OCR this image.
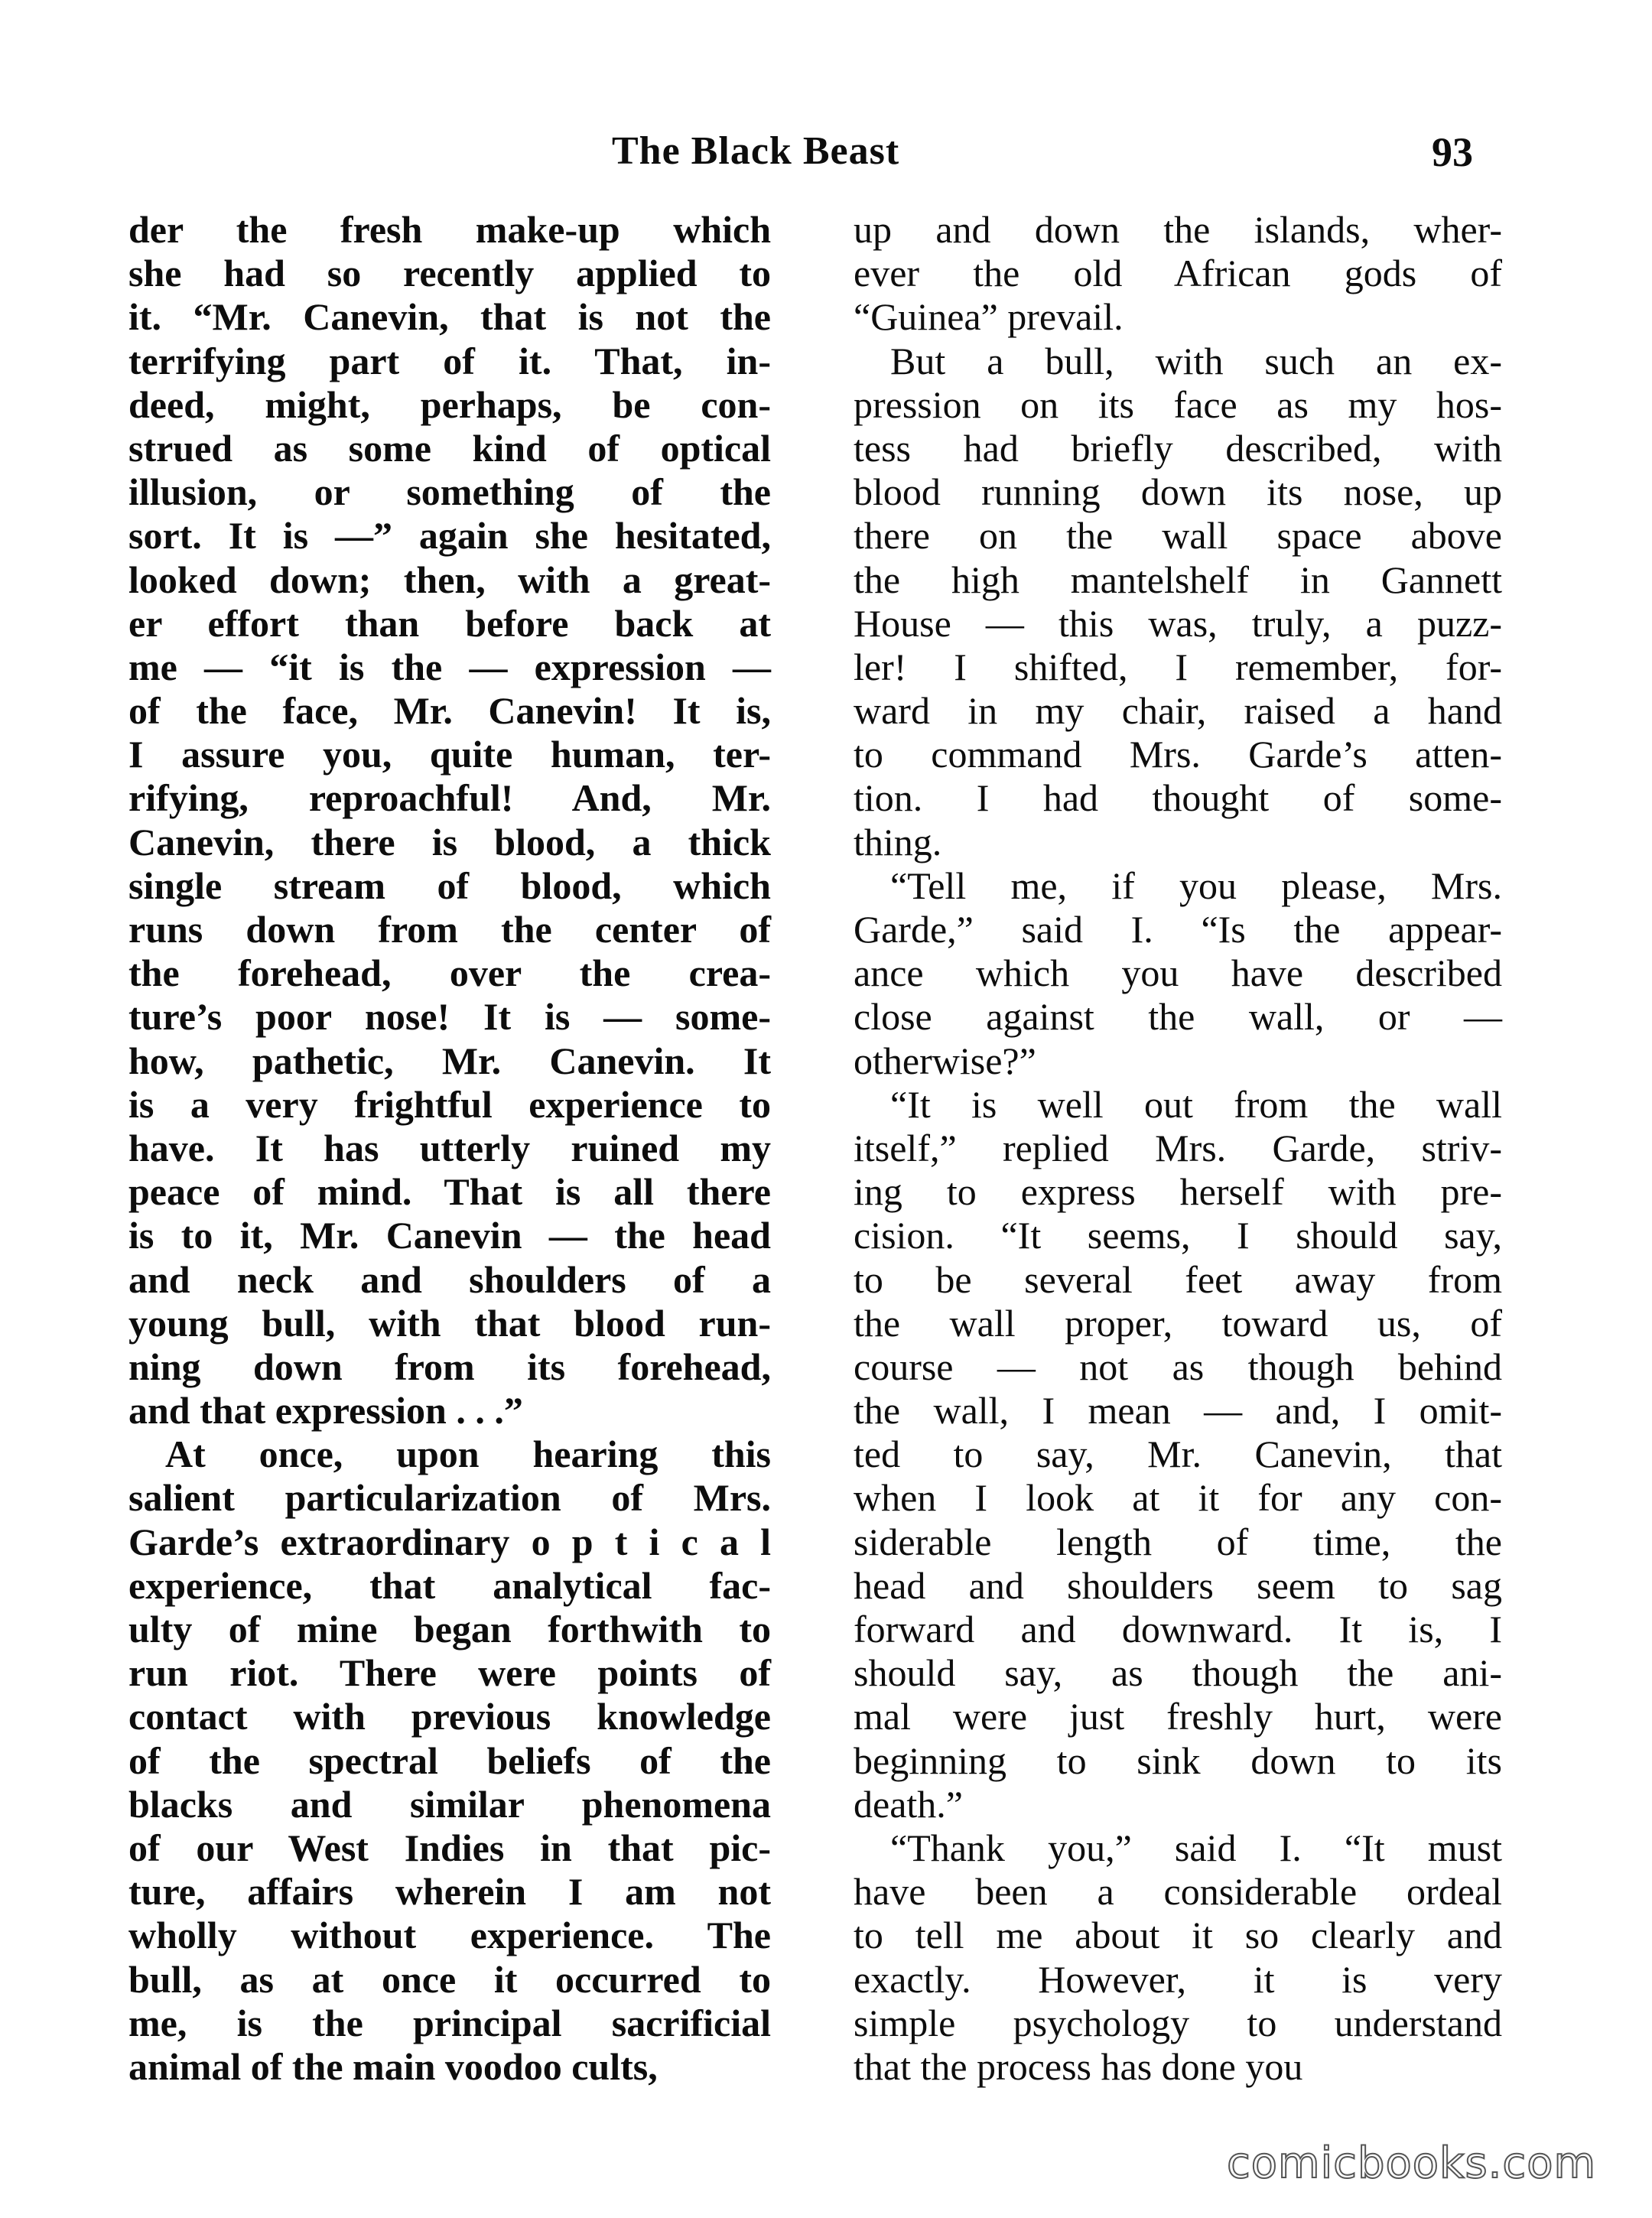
The Black Beast	93
der the fresh make-up which
she had so recently applied to
it. “Mr. Canevin, that is not the
terrifying part of it. That, in-
deed, might, perhaps, be con-
strued as some kind of optical
illusion, or something of the
sort. It is —” again she hesitated,
looked down; then, with a great-
er effort than before back at
me — “it is the — expression —
of the face, Mr. Canevin! It is,
I assure you, quite human, ter-
rifying, reproachful! And, Mr.
Canevin, there is blood, a thick
single stream of blood, which
runs down from the center of
the forehead, over the crea-
ture’s poor nose! It is — some-
how, pathetic, Mr. Canevin. It
is a very frightful experience to
have. It has utterly ruined my
peace of mind. That is all there
is to it, Mr. Canevin — the head
and neck and shoulders of a
young bull, with that blood run-
ning down from its forehead,
and that expression . . .”
At once, upon hearing this
salient particularization of Mrs.
Garde’s extraordinary o p t i c a l
experience, that analytical fac-
ulty of mine began forthwith to
run riot. There were points of
contact with previous knowledge
of the spectral beliefs of the
blacks and similar phenomena
of our West Indies in that pic-
ture, affairs wherein I am not
wholly without experience. The
bull, as at once it occurred to
me, is the principal sacrificial
animal of the main voodoo cults,
up and down the islands, wher-
ever the old African gods of
“Guinea” prevail.
But a bull, with such an ex-
pression on its face as my hos-
tess had briefly described, with
blood running down its nose, up
there on the wall space above
the high mantelshelf in Gannett
House — this was, truly, a puzz-
ler! I shifted, I remember, for-
ward in my chair, raised a hand
to command Mrs. Garde’s atten-
tion. I had thought of some-
thing.
“Tell me, if you please, Mrs.
Garde,” said I. “Is the appear-
ance which you have described
close against the wall, or —
otherwise?”
“It is well out from the wall
itself,” replied Mrs. Garde, striv-
ing to express herself with pre-
cision. “It seems, I should say,
to be several feet away from
the wall proper, toward us, of
course — not as though behind
the wall, I mean — and, I omit-
ted to say, Mr. Canevin, that
when I look at it for any con-
siderable length of time, the
head and shoulders seem to sag
forward and downward. It is, I
should say, as though the ani-
mal were just freshly hurt, were
beginning to sink down to its
death.”
“Thank you,” said I. “It must
have been a considerable ordeal
to tell me about it so clearly and
exactly. However, it is very
simple psychology to understand
that the process has done you
comicbooks.com
